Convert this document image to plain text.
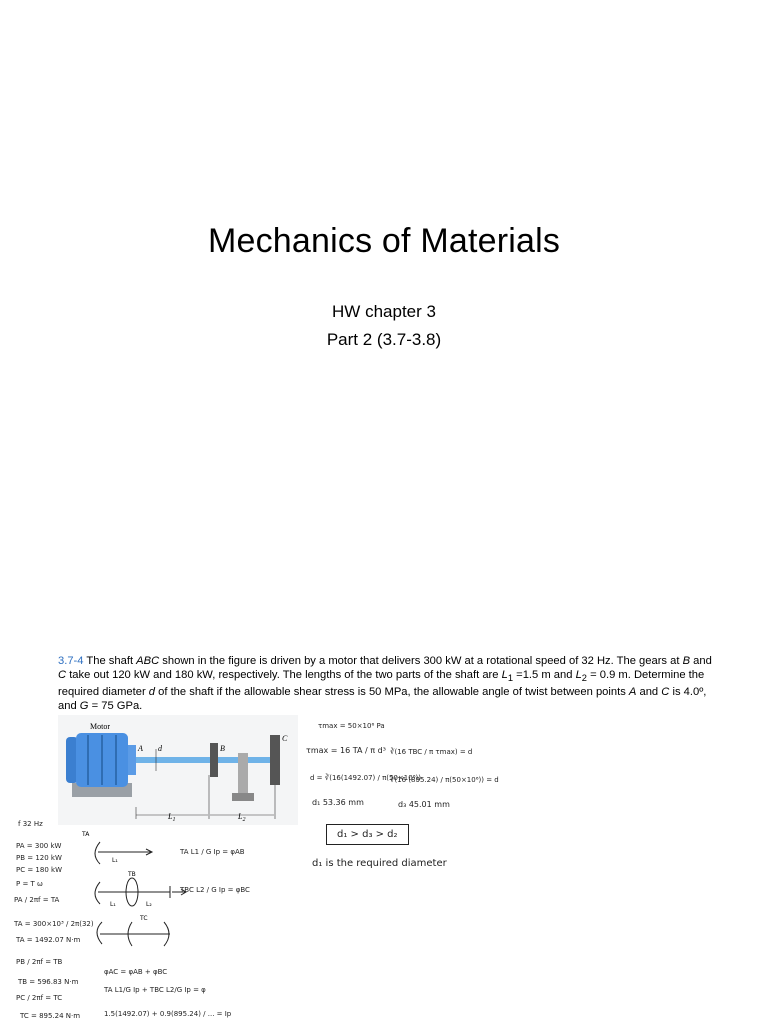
Mechanics of Materials
HW chapter 3
Part 2 (3.7-3.8)
3.7-4 The shaft ABC shown in the figure is driven by a motor that delivers 300 kW at a rotational speed of 32 Hz. The gears at B and C take out 120 kW and 180 kW, respectively. The lengths of the two parts of the shaft are $L_1 =1.5$ m and $L_2 = 0.9$ m. Determine the required diameter d of the shaft if the allowable shear stress is 50 MPa, the allowable angle of twist between points A and C is 4.0º, and G = 75 GPa.
Motor
A d	B
C
$L_1$	$L_2$
τmax = 50×10⁶ Pa
τmax = 16 TA / π d³
d = ∛(16(1492.07) / π(50×10⁶))
d₁ 53.36 mm
∛(16 TBC / π τmax) = d
∛(16 (895.24) / π(50×10⁶)) = d
d₃ 45.01 mm
d₁ > d₃ > d₂
d₁ is the required diameter
f 32 Hz
PA = 300 kW
PB = 120 kW
PC = 180 kW
P = T ω
PA / 2πf = TA
TA = 300×10³ / 2π(32)
TA = 1492.07 N·m
PB / 2πf = TB
TB = 596.83 N·m
PC / 2πf = TC
TC = 895.24 N·m
L₁
TA
L₁	L₂
TB
TC
TA L1 / G Ip = φAB
TBC L2 / G Ip = φBC
φAC = φAB + φBC
TA L1/G Ip + TBC L2/G Ip = φ
1.5(1492.07) + 0.9(895.24) / ... = Ip
